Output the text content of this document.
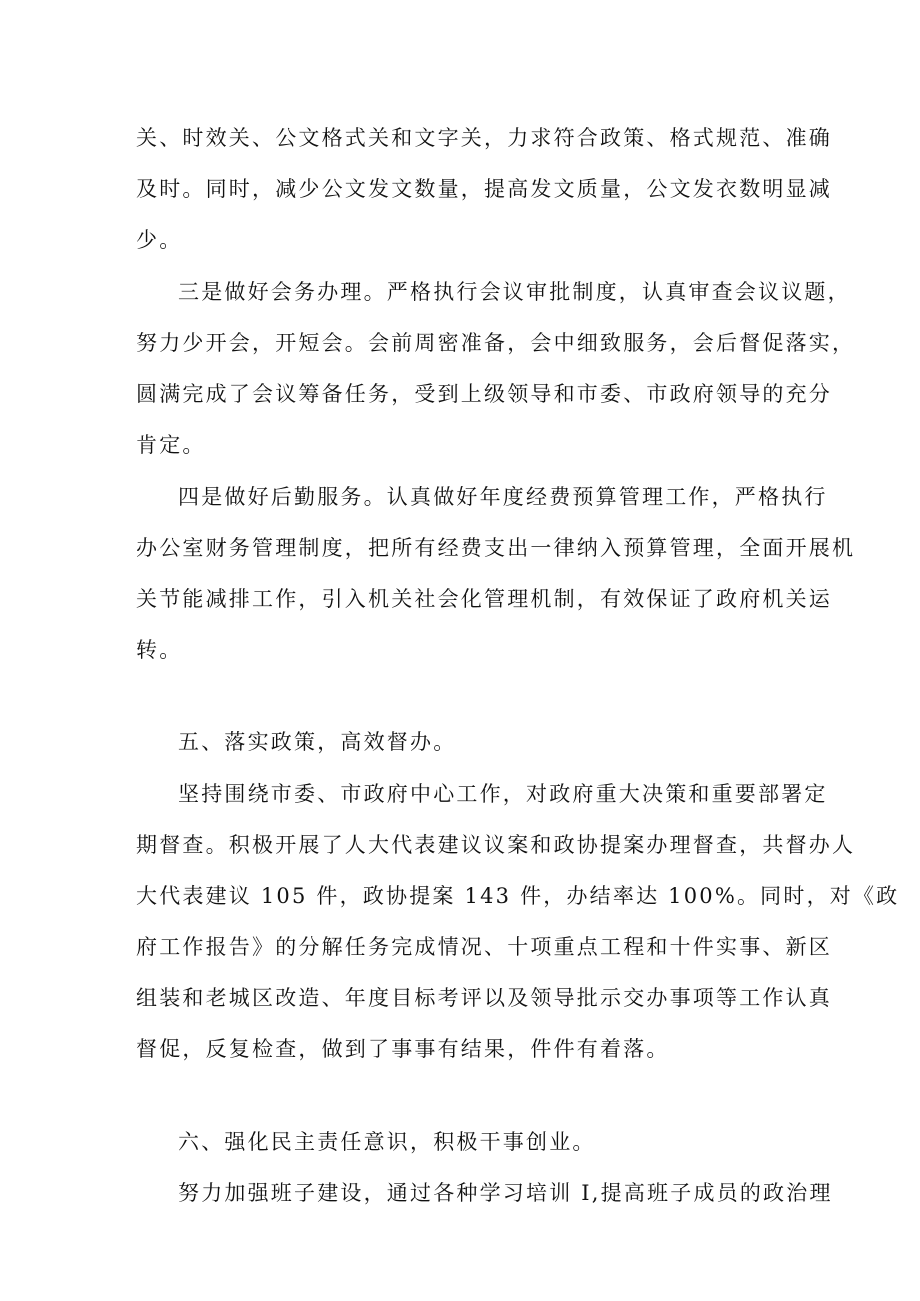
关、时效关、公文格式关和文字关，力求符合政策、格式规范、准确
及时。同时，减少公文发文数量，提高发文质量，公文发衣数明显减
少。
三是做好会务办理。严格执行会议审批制度，认真审查会议议题，
努力少开会，开短会。会前周密准备，会中细致服务，会后督促落实，
圆满完成了会议筹备任务，受到上级领导和市委、市政府领导的充分
肯定。
四是做好后勤服务。认真做好年度经费预算管理工作，严格执行
办公室财务管理制度，把所有经费支出一律纳入预算管理，全面开展机
关节能减排工作，引入机关社会化管理机制，有效保证了政府机关运
转。
五、落实政策，高效督办。
坚持围绕市委、市政府中心工作，对政府重大决策和重要部署定
期督查。积极开展了人大代表建议议案和政协提案办理督查，共督办人
大代表建议 105 件，政协提案 143 件，办结率达 100%。同时，对《政
府工作报告》的分解任务完成情况、十项重点工程和十件实事、新区
组装和老城区改造、年度目标考评以及领导批示交办事项等工作认真
督促，反复检查，做到了事事有结果，件件有着落。
六、强化民主责任意识，积极干事创业。
努力加强班子建设，通过各种学习培训 I,提高班子成员的政治理
